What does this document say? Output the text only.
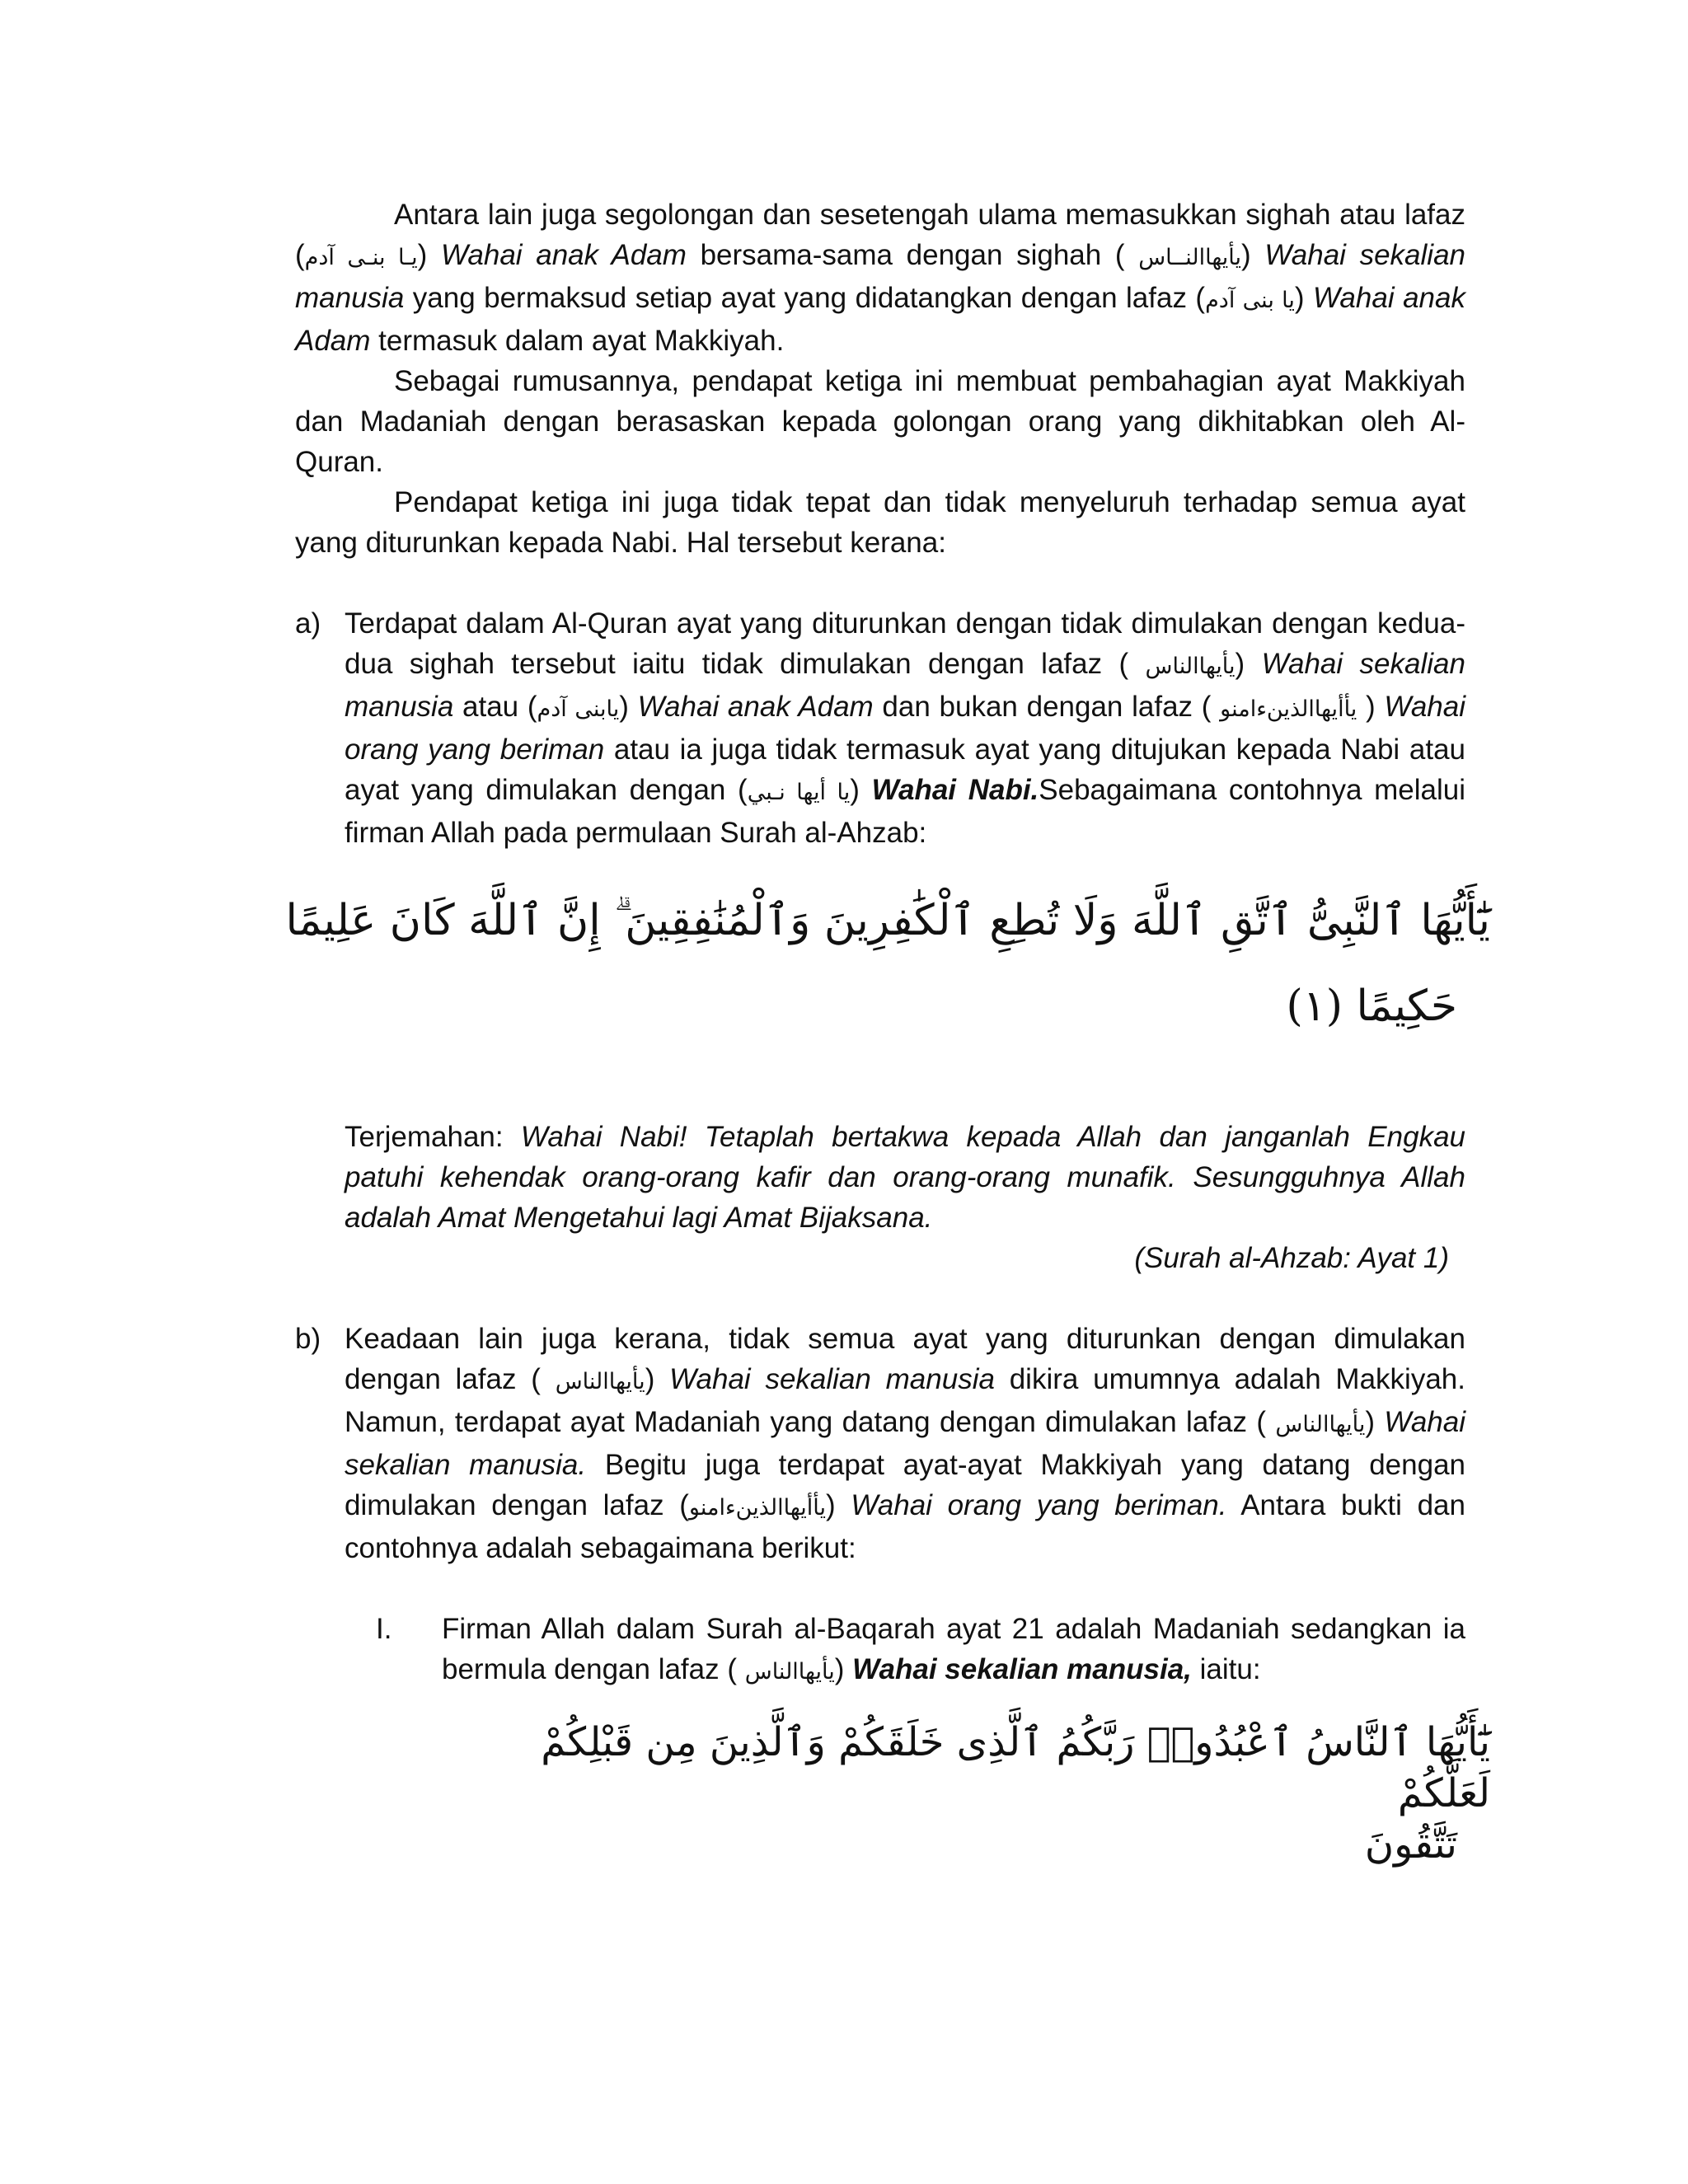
Antara lain juga segolongan dan sesetengah ulama memasukkan sighah atau lafaz (يـا بنـى آدم) Wahai anak Adam bersama-sama dengan sighah ( يأيهاالنــاس) Wahai sekalian manusia yang bermaksud setiap ayat yang didatangkan dengan lafaz (يا بنى آدم) Wahai anak Adam termasuk dalam ayat Makkiyah.

Sebagai rumusannya, pendapat ketiga ini membuat pembahagian ayat Makkiyah dan Madaniah dengan berasaskan kepada golongan orang yang dikhitabkan oleh Al-Quran.

Pendapat ketiga ini juga tidak tepat dan tidak menyeluruh terhadap semua ayat yang diturunkan kepada Nabi. Hal tersebut kerana:

a) Terdapat dalam Al-Quran ayat yang diturunkan dengan tidak dimulakan dengan kedua-dua sighah tersebut iaitu tidak dimulakan dengan lafaz ( يأيهاالناس) Wahai sekalian manusia atau (يابنى آدم) Wahai anak Adam dan bukan dengan lafaz ( يأأيهاالذين‌ءامنو ) Wahai orang yang beriman atau ia juga tidak termasuk ayat yang ditujukan kepada Nabi atau ayat yang dimulakan dengan (يا أيها نـبي) Wahai Nabi.Sebagaimana contohnya melalui firman Allah pada permulaan Surah al-Ahzab:
يَٰٓأَيُّهَا ٱلنَّبِىُّ ٱتَّقِ ٱللَّهَ وَلَا تُطِعِ ٱلْكَٰفِرِينَ وَٱلْمُنَٰفِقِينَ ۗ إِنَّ ٱللَّهَ كَانَ عَلِيمًا
حَكِيمًا (١)
Terjemahan: Wahai Nabi! Tetaplah bertakwa kepada Allah dan janganlah Engkau patuhi kehendak orang-orang kafir dan orang-orang munafik. Sesungguhnya Allah adalah Amat Mengetahui lagi Amat Bijaksana.
(Surah al-Ahzab: Ayat 1)
b) Keadaan lain juga kerana, tidak semua ayat yang diturunkan dengan dimulakan dengan lafaz ( يأيهاالناس) Wahai sekalian manusia dikira umumnya adalah Makkiyah. Namun, terdapat ayat Madaniah yang datang dengan dimulakan lafaz ( يأيهاالناس) Wahai sekalian manusia. Begitu juga terdapat ayat-ayat Makkiyah yang datang dengan dimulakan dengan lafaz (يأأيهاالذين‌ءامنو) Wahai orang yang beriman. Antara bukti dan contohnya adalah sebagaimana berikut:
I. Firman Allah dalam Surah al-Baqarah ayat 21 adalah Madaniah sedangkan ia bermula dengan lafaz ( يأيهاالناس) Wahai sekalian manusia, iaitu:
يَٰٓأَيُّهَا ٱلنَّاسُ ٱعْبُدُوا۟ رَبَّكُمُ ٱلَّذِى خَلَقَكُمْ وَٱلَّذِينَ مِن قَبْلِكُمْ لَعَلَّكُمْ
تَتَّقُونَ
